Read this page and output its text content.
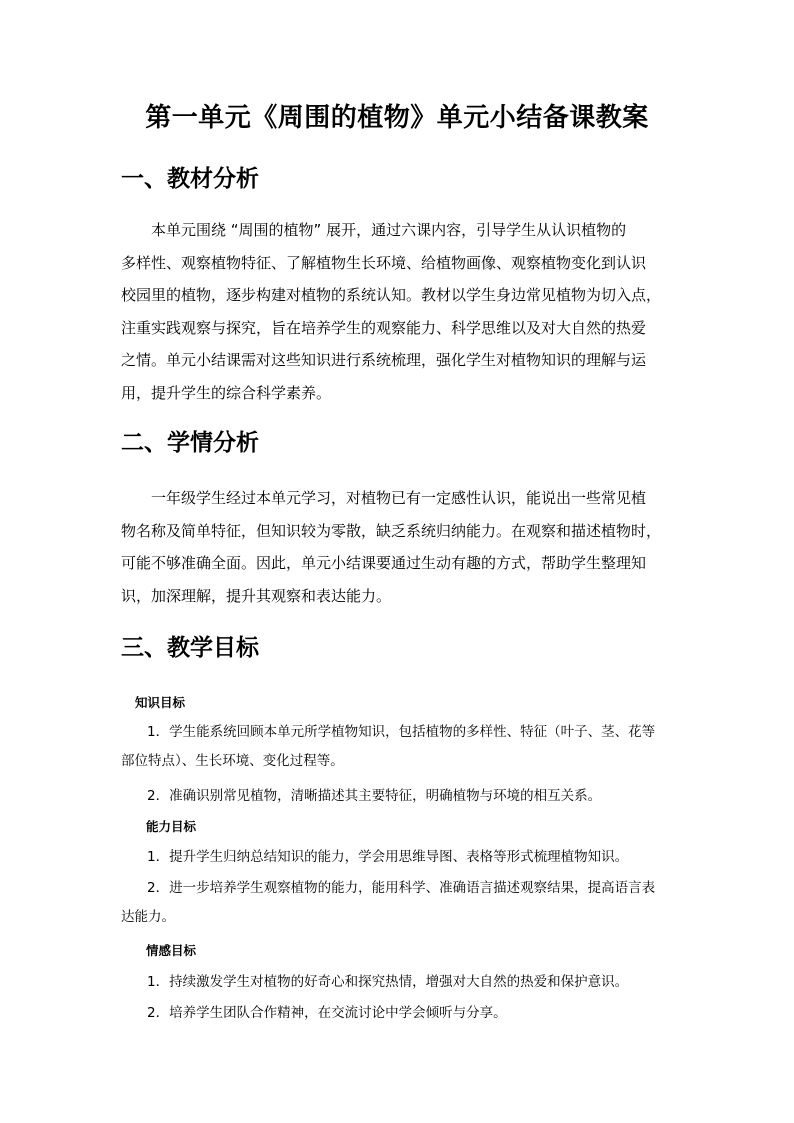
第一单元《周围的植物》单元小结备课教案
一、教材分析
本单元围绕 “周围的植物” 展开，通过六课内容，引导学生从认识植物的
多样性、观察植物特征、了解植物生长环境、给植物画像、观察植物变化到认识
校园里的植物，逐步构建对植物的系统认知。教材以学生身边常见植物为切入点，
注重实践观察与探究，旨在培养学生的观察能力、科学思维以及对大自然的热爱
之情。单元小结课需对这些知识进行系统梳理，强化学生对植物知识的理解与运
用，提升学生的综合科学素养。
二、学情分析
一年级学生经过本单元学习，对植物已有一定感性认识，能说出一些常见植
物名称及简单特征，但知识较为零散，缺乏系统归纳能力。在观察和描述植物时，
可能不够准确全面。因此，单元小结课要通过生动有趣的方式，帮助学生整理知
识，加深理解，提升其观察和表达能力。
三、教学目标
知识目标
1．学生能系统回顾本单元所学植物知识，包括植物的多样性、特征（叶子、茎、花等
部位特点）、生长环境、变化过程等。
2．准确识别常见植物，清晰描述其主要特征，明确植物与环境的相互关系。
能力目标
1．提升学生归纳总结知识的能力，学会用思维导图、表格等形式梳理植物知识。
2．进一步培养学生观察植物的能力，能用科学、准确语言描述观察结果，提高语言表
达能力。
情感目标
1．持续激发学生对植物的好奇心和探究热情，增强对大自然的热爱和保护意识。
2．培养学生团队合作精神，在交流讨论中学会倾听与分享。
